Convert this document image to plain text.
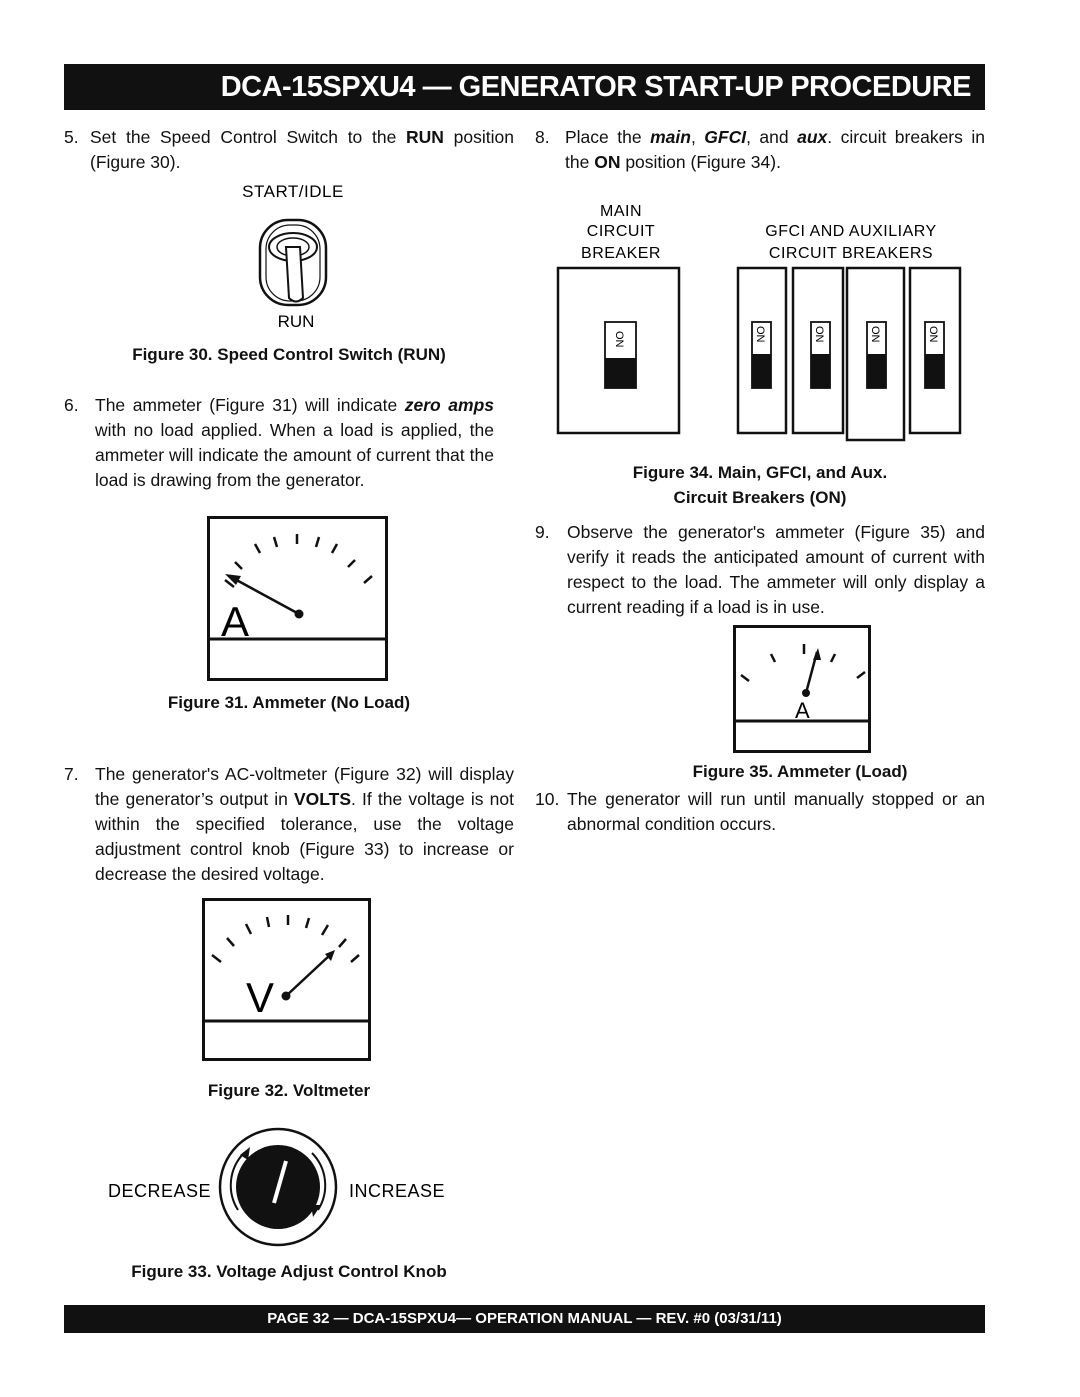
DCA-15SPXU4 — GENERATOR START-UP PROCEDURE
5. Set the Speed Control Switch to the RUN position (Figure 30).
START/IDLE
RUN
Figure 30. Speed Control Switch (RUN)
6. The ammeter (Figure 31) will indicate zero amps with no load applied. When a load is applied, the ammeter will indicate the amount of current that the load is drawing from the generator.
A
Figure 31. Ammeter (No Load)
7. The generator's AC-voltmeter (Figure 32) will display the generator’s output in VOLTS. If the voltage is not within the specified tolerance, use the voltage adjustment control knob (Figure 33) to increase or decrease the desired voltage.
V
Figure 32. Voltmeter
DECREASE	INCREASE
Figure 33. Voltage Adjust Control Knob
8. Place the main, GFCI, and aux. circuit breakers in the ON position (Figure 34).
MAIN
CIRCUIT
BREAKER
GFCI AND AUXILIARY
CIRCUIT BREAKERS
ON	ON	ON	ON	ON
Figure 34. Main, GFCI, and Aux.
Circuit Breakers (ON)
9. Observe the generator's ammeter (Figure 35) and verify it reads the anticipated amount of current with respect to the load. The ammeter will only display a current reading if a load is in use.
A
Figure 35. Ammeter (Load)
10. The generator will run until manually stopped or an abnormal condition occurs.
PAGE 32 — DCA-15SPXU4— OPERATION MANUAL — REV. #0 (03/31/11)
